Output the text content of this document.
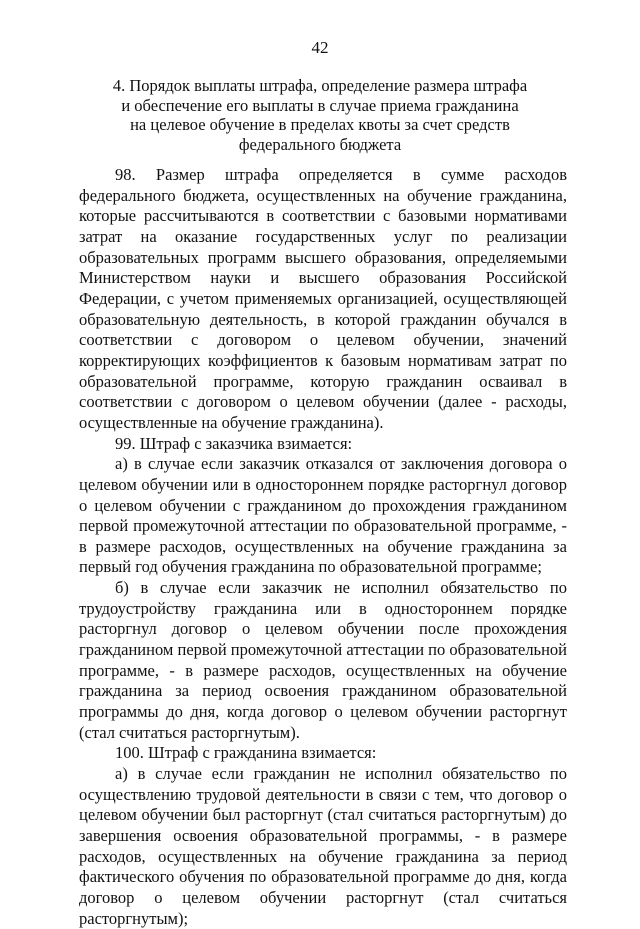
42
4. Порядок выплаты штрафа, определение размера штрафа
и обеспечение его выплаты в случае приема гражданина
на целевое обучение в пределах квоты за счет средств
федерального бюджета

98. Размер штрафа определяется в сумме расходов федерального бюджета, осуществленных на обучение гражданина, которые рассчитываются в соответствии с базовыми нормативами затрат на оказание государственных услуг по реализации образовательных программ высшего образования, определяемыми Министерством науки и высшего образования Российской Федерации, с учетом применяемых организацией, осуществляющей образовательную деятельность, в которой гражданин обучался в соответствии с договором о целевом обучении, значений корректирующих коэффициентов к базовым нормативам затрат по образовательной программе, которую гражданин осваивал в соответствии с договором о целевом обучении (далее - расходы, осуществленные на обучение гражданина).

99. Штраф с заказчика взимается:

а) в случае если заказчик отказался от заключения договора о целевом обучении или в одностороннем порядке расторгнул договор о целевом обучении с гражданином до прохождения гражданином первой промежуточной аттестации по образовательной программе, - в размере расходов, осуществленных на обучение гражданина за первый год обучения гражданина по образовательной программе;

б) в случае если заказчик не исполнил обязательство по трудоустройству гражданина или в одностороннем порядке расторгнул договор о целевом обучении после прохождения гражданином первой промежуточной аттестации по образовательной программе, - в размере расходов, осуществленных на обучение гражданина за период освоения гражданином образовательной программы до дня, когда договор о целевом обучении расторгнут (стал считаться расторгнутым).

100. Штраф с гражданина взимается:

а) в случае если гражданин не исполнил обязательство по осуществлению трудовой деятельности в связи с тем, что договор о целевом обучении был расторгнут (стал считаться расторгнутым) до завершения освоения образовательной программы, - в размере расходов, осуществленных на обучение гражданина за период фактического обучения по образовательной программе до дня, когда договор о целевом обучении расторгнут (стал считаться расторгнутым);
